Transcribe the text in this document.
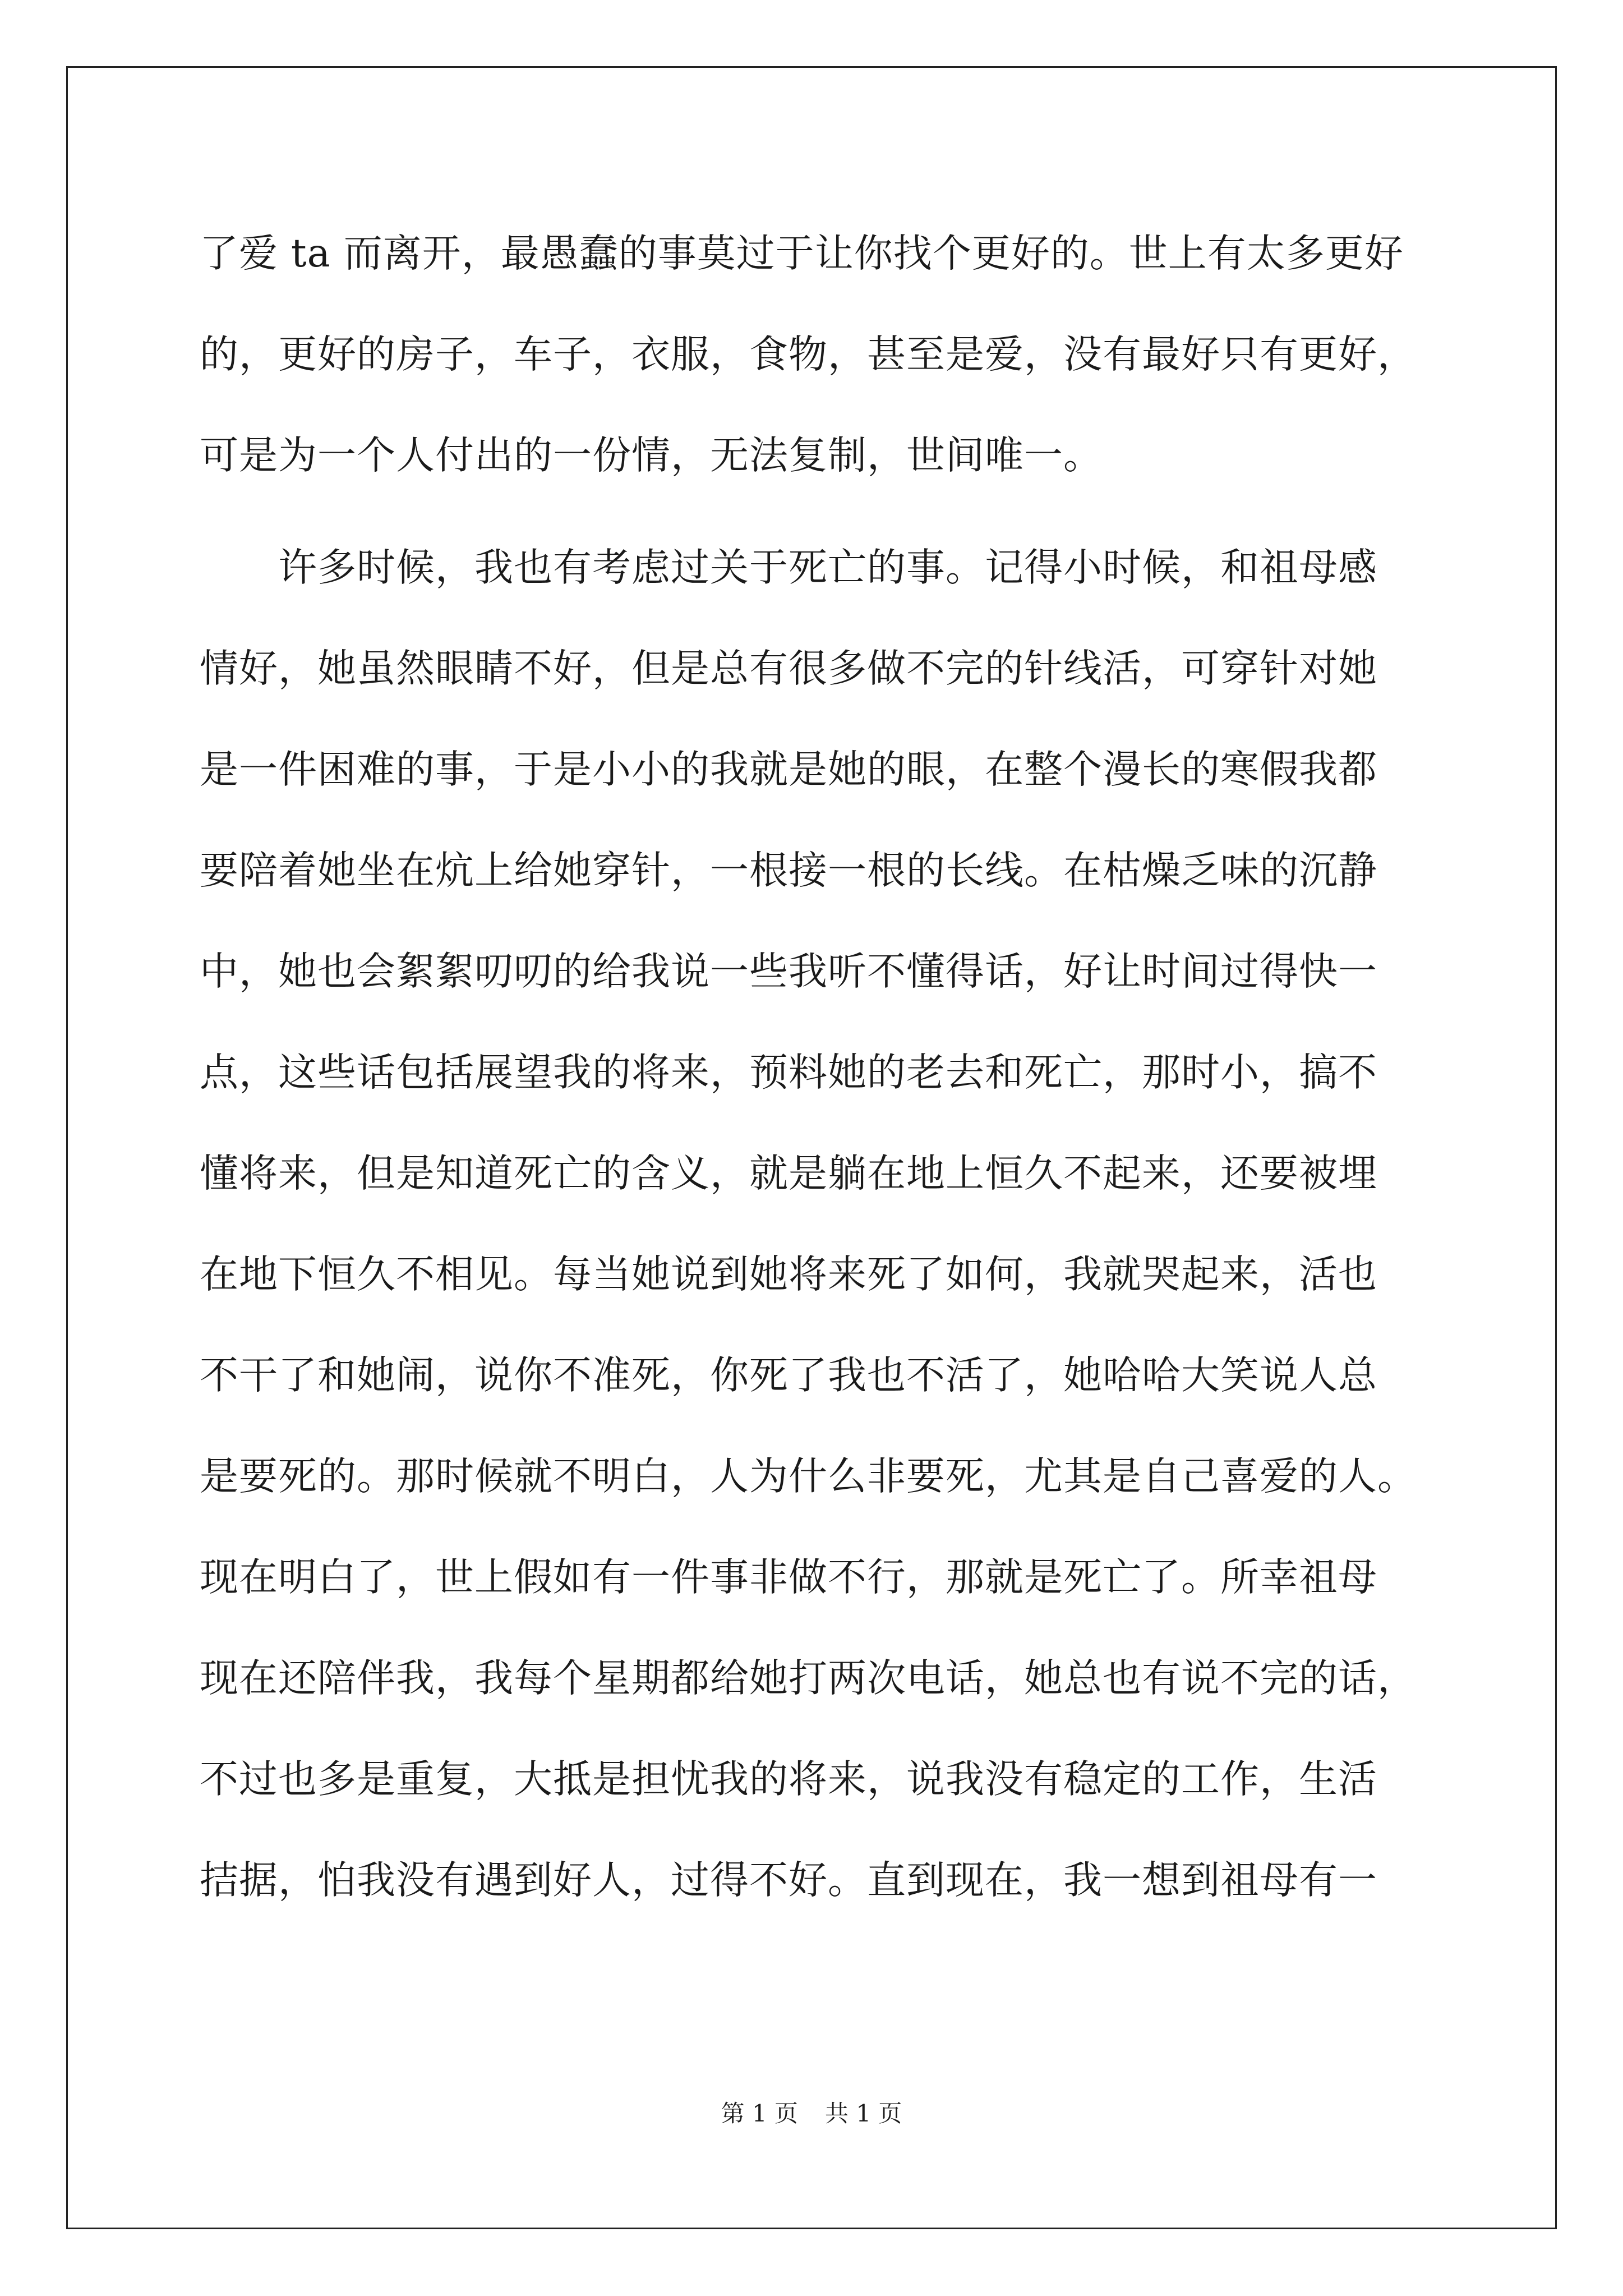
了爱 ta 而离开，最愚蠢的事莫过于让你找个更好的。世上有太多更好
的，更好的房子，车子，衣服，食物，甚至是爱，没有最好只有更好，
可是为一个人付出的一份情，无法复制，世间唯一。
许多时候，我也有考虑过关于死亡的事。记得小时候，和祖母感
情好，她虽然眼睛不好，但是总有很多做不完的针线活，可穿针对她
是一件困难的事，于是小小的我就是她的眼，在整个漫长的寒假我都
要陪着她坐在炕上给她穿针，一根接一根的长线。在枯燥乏味的沉静
中，她也会絮絮叨叨的给我说一些我听不懂得话，好让时间过得快一
点，这些话包括展望我的将来，预料她的老去和死亡，那时小，搞不
懂将来，但是知道死亡的含义，就是躺在地上恒久不起来，还要被埋
在地下恒久不相见。每当她说到她将来死了如何，我就哭起来，活也
不干了和她闹，说你不准死，你死了我也不活了，她哈哈大笑说人总
是要死的。那时候就不明白，人为什么非要死，尤其是自己喜爱的人。
现在明白了，世上假如有一件事非做不行，那就是死亡了。所幸祖母
现在还陪伴我，我每个星期都给她打两次电话，她总也有说不完的话，
不过也多是重复，大抵是担忧我的将来，说我没有稳定的工作，生活
拮据，怕我没有遇到好人，过得不好。直到现在，我一想到祖母有一
第 1 页 共 1 页
